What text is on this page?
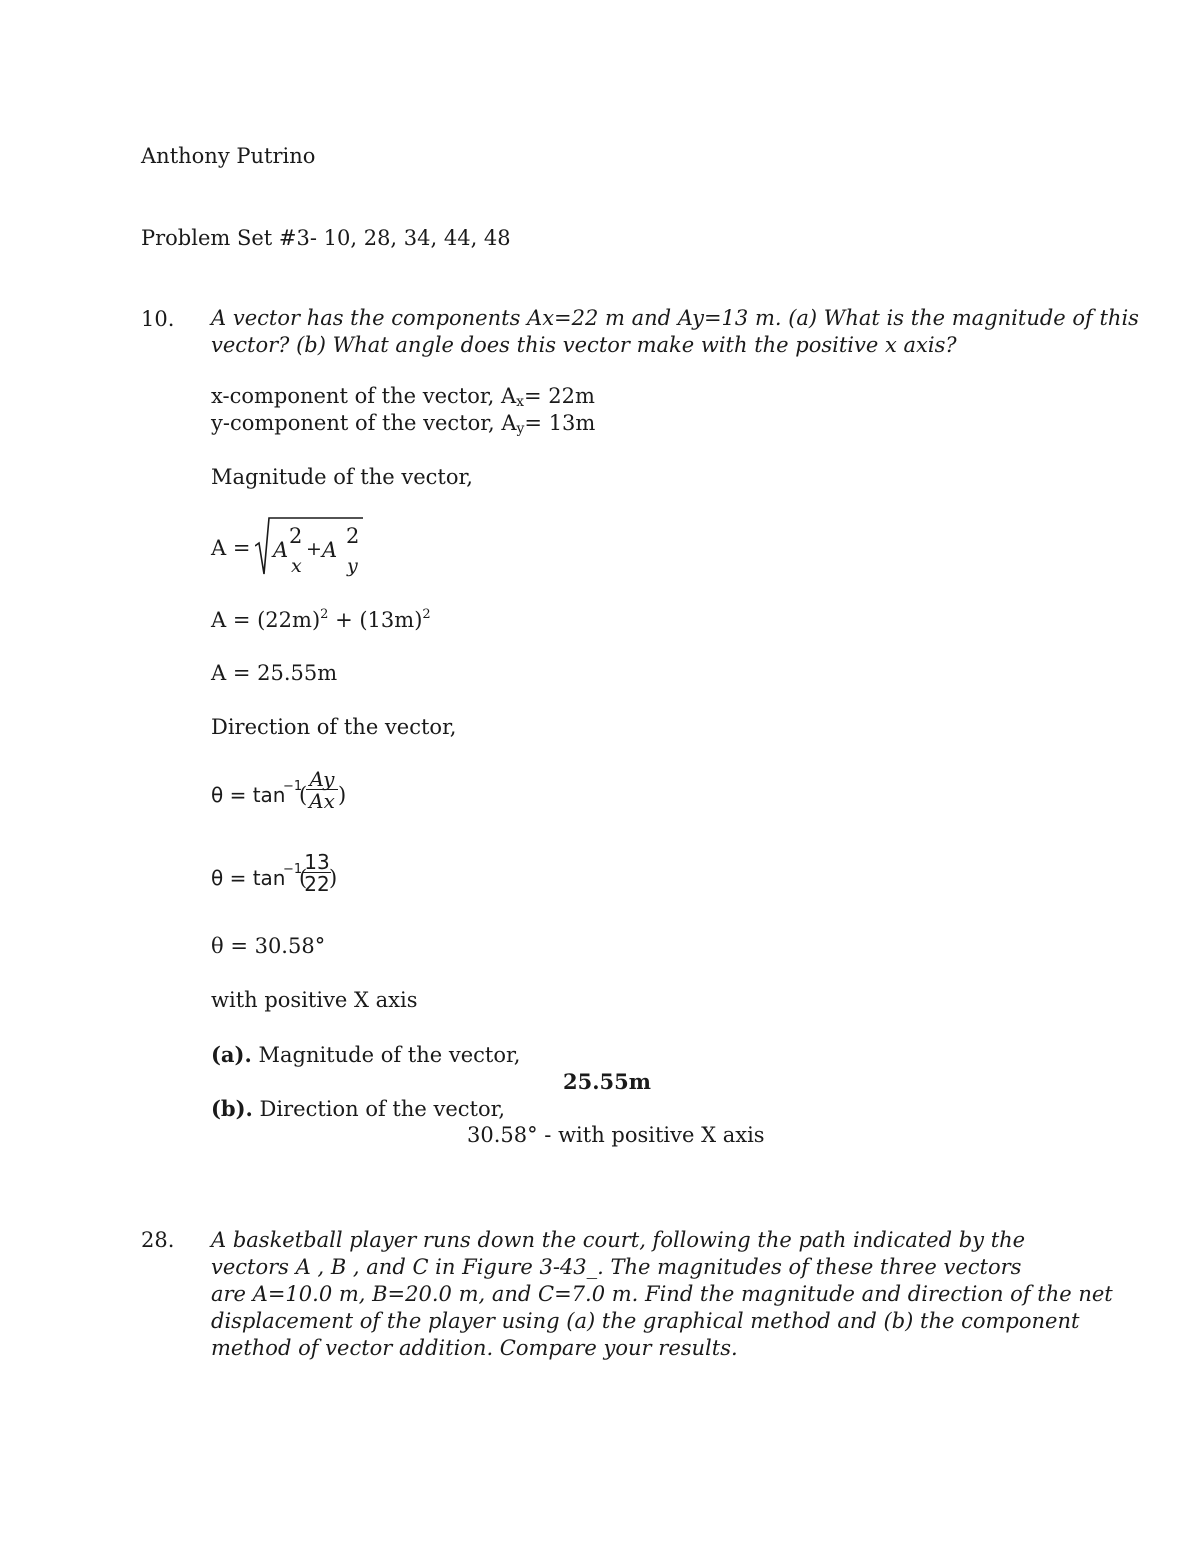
Anthony Putrino
Problem Set #3- 10, 28, 34, 44, 48
10. A vector has the components Ax=22 m and Ay=13 m. (a) What is the magnitude of this
vector? (b) What angle does this vector make with the positive x axis?
x-component of the vector, $A_x= 22m$
y-component of the vector, $A_y= 13m$
Magnitude of the vector,
A = A
2
x
+ A
2
y
$A = (22m)^2 + (13m)^2$
A = 25.55m
Direction of the vector,
θ = tan
−1
(
$\frac{Ay}{Ax}$ )
θ = tan
−1
(
$\frac{13}{22}$
)
θ = 30.58°
with positive X axis
(a). Magnitude of the vector,
25.55m
(b). Direction of the vector,
30.58° - with positive X axis
28. A basketball player runs down the court, following the path indicated by the
vectors A , B , and C in Figure 3-43_. The magnitudes of these three vectors
are A=10.0 m, B=20.0 m, and C=7.0 m. Find the magnitude and direction of the net
displacement of the player using (a) the graphical method and (b) the component
method of vector addition. Compare your results.
